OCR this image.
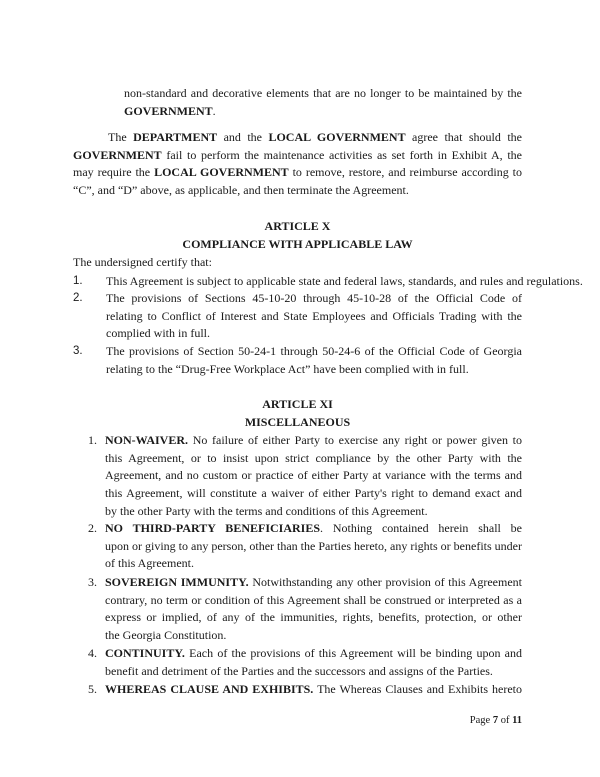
non-standard and decorative elements that are no longer to be maintained by the
GOVERNMENT.
The DEPARTMENT and the LOCAL GOVERNMENT agree that should the
GOVERNMENT fail to perform the maintenance activities as set forth in Exhibit A, the
may require the LOCAL GOVERNMENT to remove, restore, and reimburse according to
“C”, and “D” above, as applicable, and then terminate the Agreement.
ARTICLE X
COMPLIANCE WITH APPLICABLE LAW
The undersigned certify that:
1. This Agreement is subject to applicable state and federal laws, standards, and rules and regulations.
2. The provisions of Sections 45-10-20 through 45-10-28 of the Official Code of
relating to Conflict of Interest and State Employees and Officials Trading with the
complied with in full.
3. The provisions of Section 50-24-1 through 50-24-6 of the Official Code of Georgia
relating to the “Drug-Free Workplace Act” have been complied with in full.
ARTICLE XI
MISCELLANEOUS
1. NON-WAIVER. No failure of either Party to exercise any right or power given to
this Agreement, or to insist upon strict compliance by the other Party with the
Agreement, and no custom or practice of either Party at variance with the terms and
this Agreement, will constitute a waiver of either Party's right to demand exact and
by the other Party with the terms and conditions of this Agreement.
2. NO THIRD-PARTY BENEFICIARIES. Nothing contained herein shall be
upon or giving to any person, other than the Parties hereto, any rights or benefits under
of this Agreement.
3. SOVEREIGN IMMUNITY. Notwithstanding any other provision of this Agreement
contrary, no term or condition of this Agreement shall be construed or interpreted as a
express or implied, of any of the immunities, rights, benefits, protection, or other
the Georgia Constitution.
4. CONTINUITY. Each of the provisions of this Agreement will be binding upon and
benefit and detriment of the Parties and the successors and assigns of the Parties.
5. WHEREAS CLAUSE AND EXHIBITS. The Whereas Clauses and Exhibits hereto
Page 7 of 11
